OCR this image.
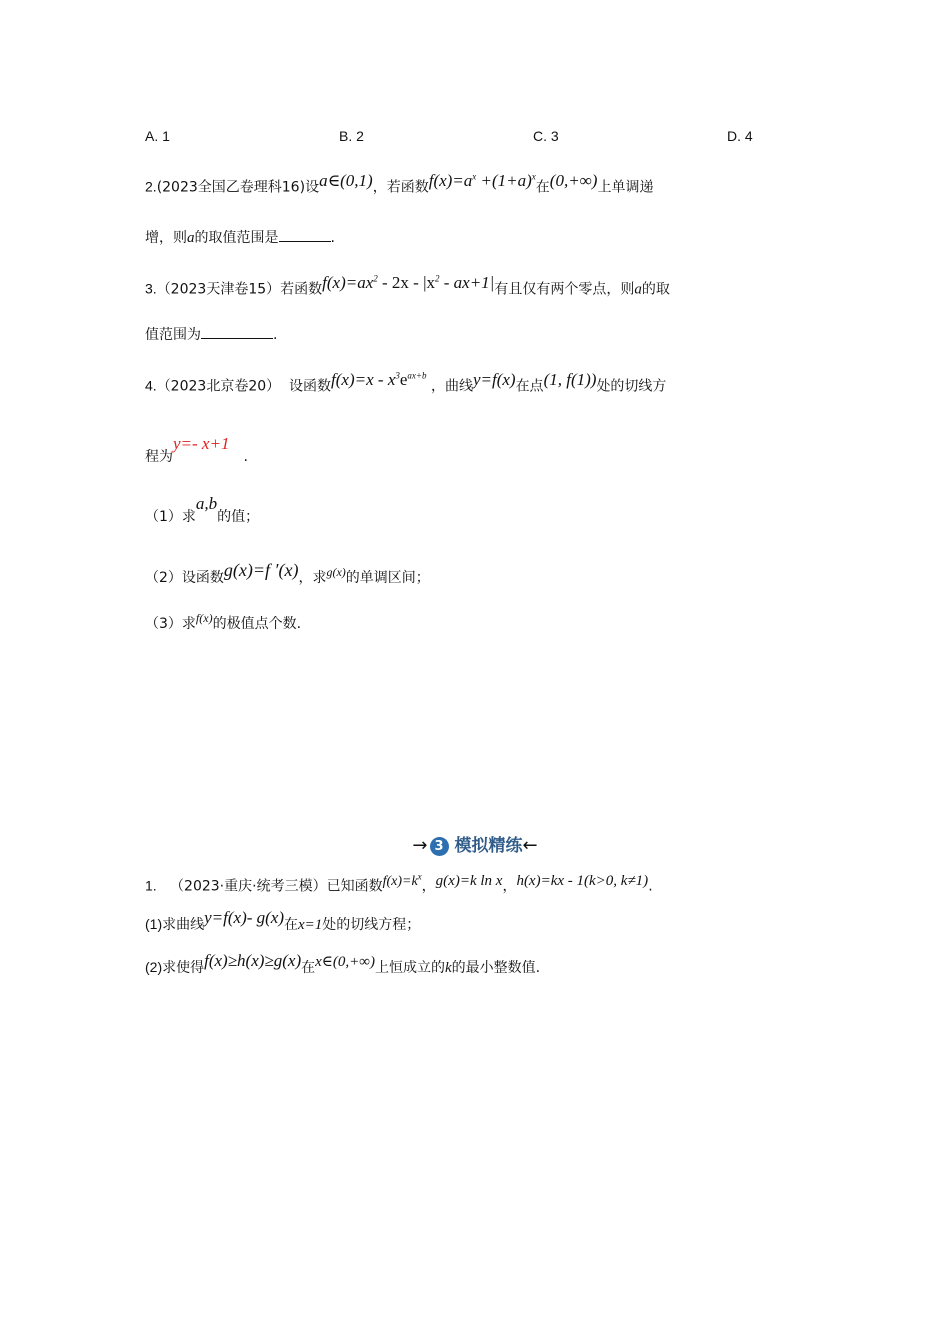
A. 1	B. 2	C. 3	D. 4
2.(2023全国乙卷理科16)设a∈(0,1)，若函数$f(x)=a^x +(1+a)^x$在(0,+∞)上单调递
增，则a的取值范围是	.
3.（2023天津卷15）若函数$f(x)=ax^2 - 2x - |x^2 - ax+1|$有且仅有两个零点，则a的取
值范围为	.
4.（2023北京卷20） 设函数$f(x)=x - x^3e^{ax+b}$ ，曲线y=f(x)在点(1, f(1))处的切线方
程为y=- x+1.
（1）求a,b的值；
（2）设函数g(x)=f ′(x)，求g(x)的单调区间；
（3）求f(x)的极值点个数.
→ 3 模拟精练←
1. （2023·重庆·统考三模）已知函数$f(x)=k^x$，g(x)=k ln x，h(x)=kx - 1(k>0, k≠1).
(1)求曲线y=f(x)- g(x)在x=1处的切线方程；
(2)求使得f(x)≥h(x)≥g(x)在x∈(0,+∞)上恒成立的k的最小整数值.
